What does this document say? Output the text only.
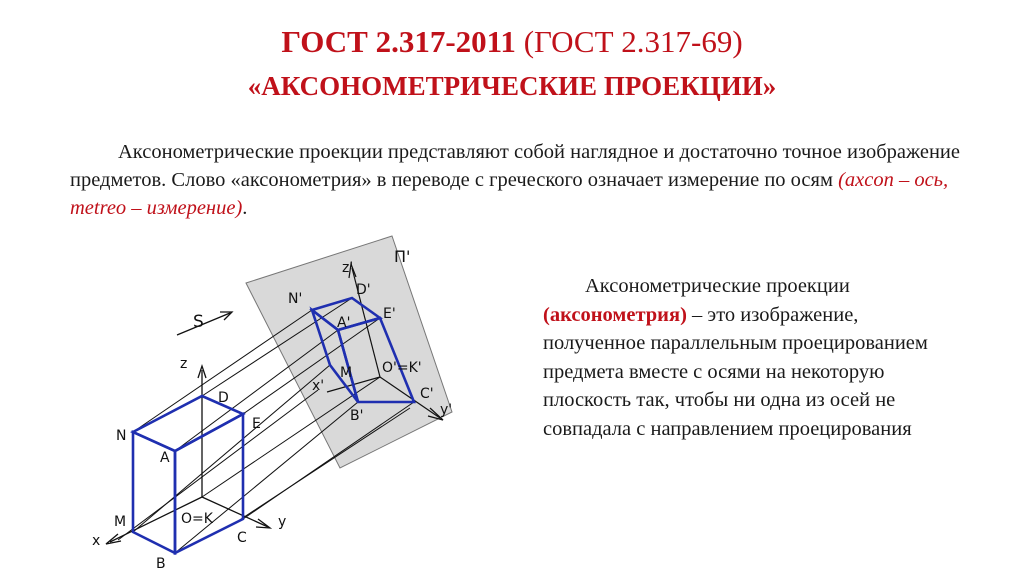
ГОСТ 2.317-2011 (ГОСТ 2.317-69)
«АКСОНОМЕТРИЧЕСКИЕ ПРОЕКЦИИ»
Аксонометрические проекции представляют собой наглядное и достаточно точное изображение предметов. Слово «аксонометрия» в переводе с греческого означает измерение по осям (axcon – ось, metreo – измерение).
Аксонометрические проекции (аксонометрия) – это изображение, полученное параллельным проецированием предмета вместе с осями на некоторую плоскость так, чтобы ни одна из осей не совпадала с направлением проецирования
z
D
N
A
E
M	O=K	y
x
B
C
z'
D'
N'
A'
E'
M O'=K'
x'	C'
y'
B'
П'
S
